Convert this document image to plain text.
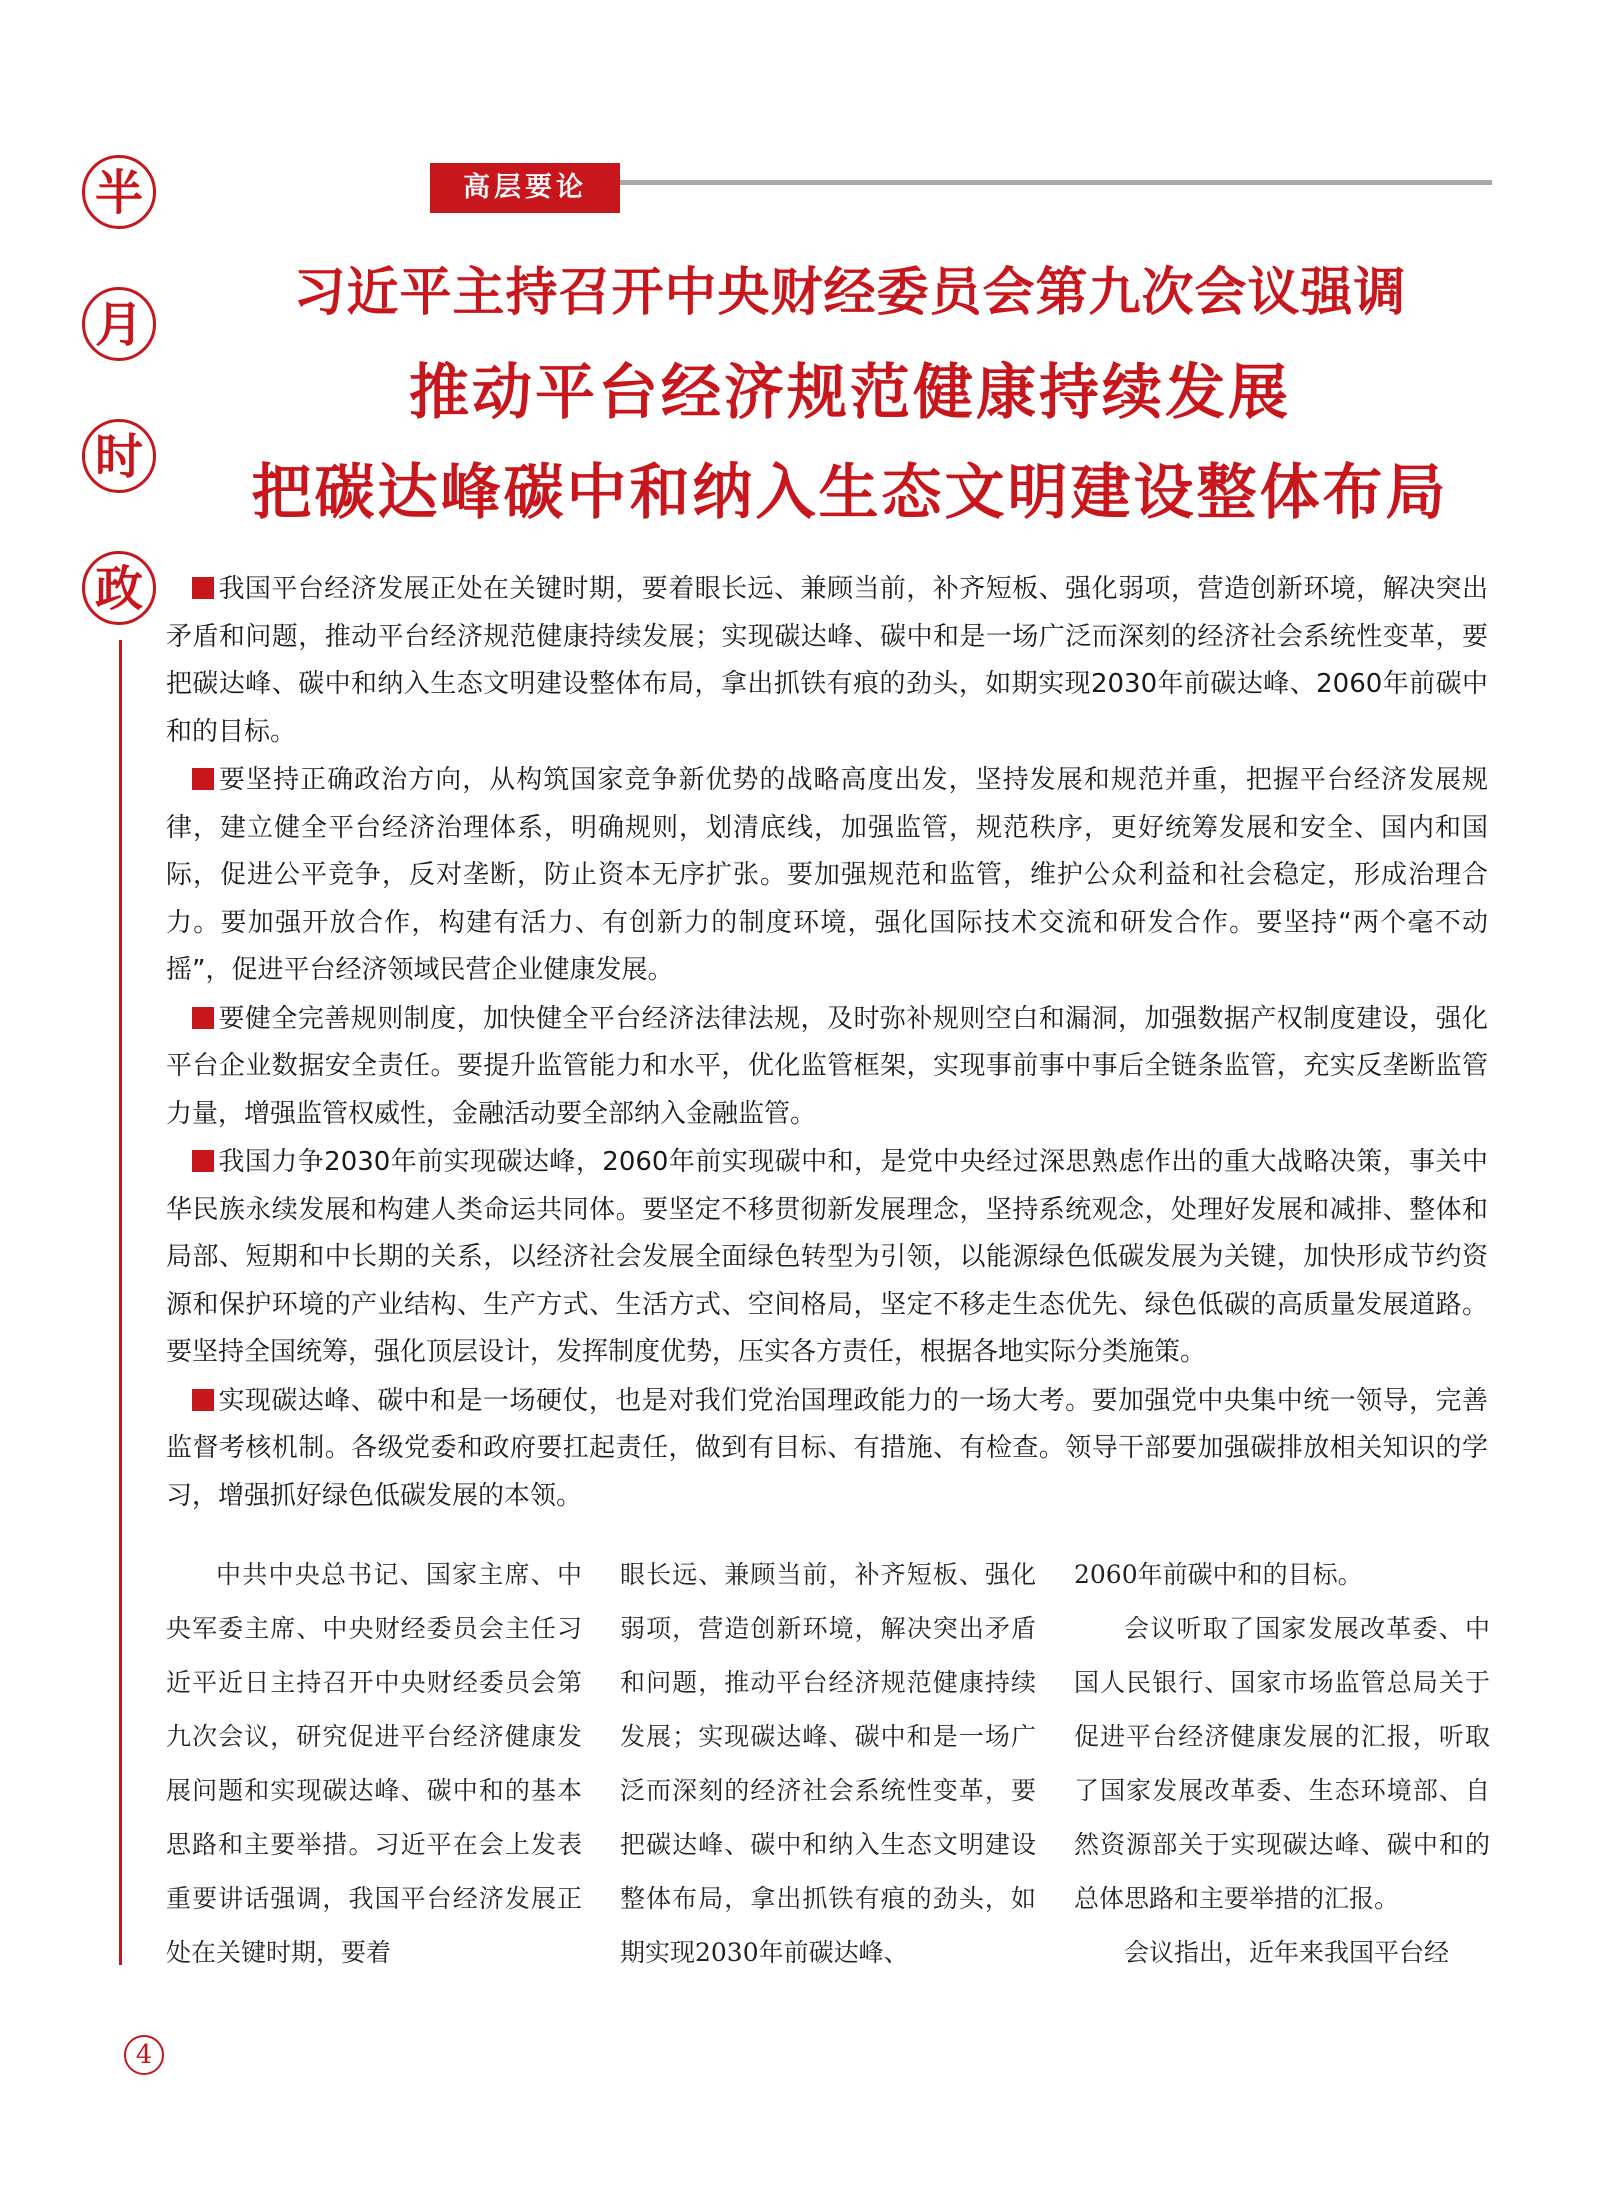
半
月
时
政
高层要论
习近平主持召开中央财经委员会第九次会议强调
推动平台经济规范健康持续发展
把碳达峰碳中和纳入生态文明建设整体布局

我国平台经济发展正处在关键时期，要着眼长远、兼顾当前，补齐短板、强化弱项，营造创新环境，解决突出矛盾和问题，推动平台经济规范健康持续发展；实现碳达峰、碳中和是一场广泛而深刻的经济社会系统性变革，要把碳达峰、碳中和纳入生态文明建设整体布局，拿出抓铁有痕的劲头，如期实现2030年前碳达峰、2060年前碳中和的目标。

要坚持正确政治方向，从构筑国家竞争新优势的战略高度出发，坚持发展和规范并重，把握平台经济发展规律，建立健全平台经济治理体系，明确规则，划清底线，加强监管，规范秩序，更好统筹发展和安全、国内和国际，促进公平竞争，反对垄断，防止资本无序扩张。要加强规范和监管，维护公众利益和社会稳定，形成治理合力。要加强开放合作，构建有活力、有创新力的制度环境，强化国际技术交流和研发合作。要坚持“两个毫不动摇”，促进平台经济领域民营企业健康发展。

要健全完善规则制度，加快健全平台经济法律法规，及时弥补规则空白和漏洞，加强数据产权制度建设，强化平台企业数据安全责任。要提升监管能力和水平，优化监管框架，实现事前事中事后全链条监管，充实反垄断监管力量，增强监管权威性，金融活动要全部纳入金融监管。

我国力争2030年前实现碳达峰，2060年前实现碳中和，是党中央经过深思熟虑作出的重大战略决策，事关中华民族永续发展和构建人类命运共同体。要坚定不移贯彻新发展理念，坚持系统观念，处理好发展和减排、整体和局部、短期和中长期的关系，以经济社会发展全面绿色转型为引领，以能源绿色低碳发展为关键，加快形成节约资源和保护环境的产业结构、生产方式、生活方式、空间格局，坚定不移走生态优先、绿色低碳的高质量发展道路。要坚持全国统筹，强化顶层设计，发挥制度优势，压实各方责任，根据各地实际分类施策。

实现碳达峰、碳中和是一场硬仗，也是对我们党治国理政能力的一场大考。要加强党中央集中统一领导，完善监督考核机制。各级党委和政府要扛起责任，做到有目标、有措施、有检查。领导干部要加强碳排放相关知识的学习，增强抓好绿色低碳发展的本领。

中共中央总书记、国家主席、中央军委主席、中央财经委员会主任习近平近日主持召开中央财经委员会第九次会议，研究促进平台经济健康发展问题和实现碳达峰、碳中和的基本思路和主要举措。习近平在会上发表重要讲话强调，我国平台经济发展正处在关键时期，要着

眼长远、兼顾当前，补齐短板、强化弱项，营造创新环境，解决突出矛盾和问题，推动平台经济规范健康持续发展；实现碳达峰、碳中和是一场广泛而深刻的经济社会系统性变革，要把碳达峰、碳中和纳入生态文明建设整体布局，拿出抓铁有痕的劲头，如期实现2030年前碳达峰、

2060年前碳中和的目标。

会议听取了国家发展改革委、中国人民银行、国家市场监管总局关于促进平台经济健康发展的汇报，听取了国家发展改革委、生态环境部、自然资源部关于实现碳达峰、碳中和的总体思路和主要举措的汇报。

会议指出，近年来我国平台经

4
